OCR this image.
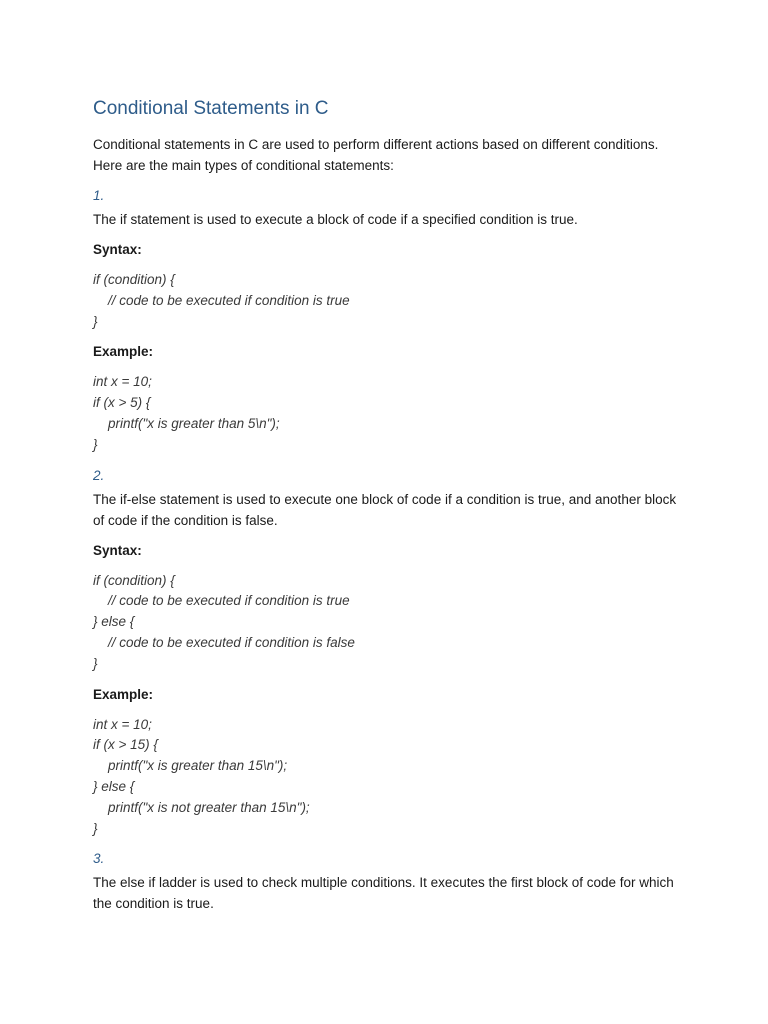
Conditional Statements in C

Conditional statements in C are used to perform different actions based on different conditions. Here are the main types of conditional statements:

1.

The if statement is used to execute a block of code if a specified condition is true.

Syntax:
if (condition) {
// code to be executed if condition is true
}
Example:
int x = 10;
if (x > 5) {
printf("x is greater than 5\n");
}
2.

The if-else statement is used to execute one block of code if a condition is true, and another block of code if the condition is false.

Syntax:
if (condition) {
// code to be executed if condition is true
} else {
// code to be executed if condition is false
}
Example:
int x = 10;
if (x > 15) {
printf("x is greater than 15\n");
} else {
printf("x is not greater than 15\n");
}
3.

The else if ladder is used to check multiple conditions. It executes the first block of code for which the condition is true.
